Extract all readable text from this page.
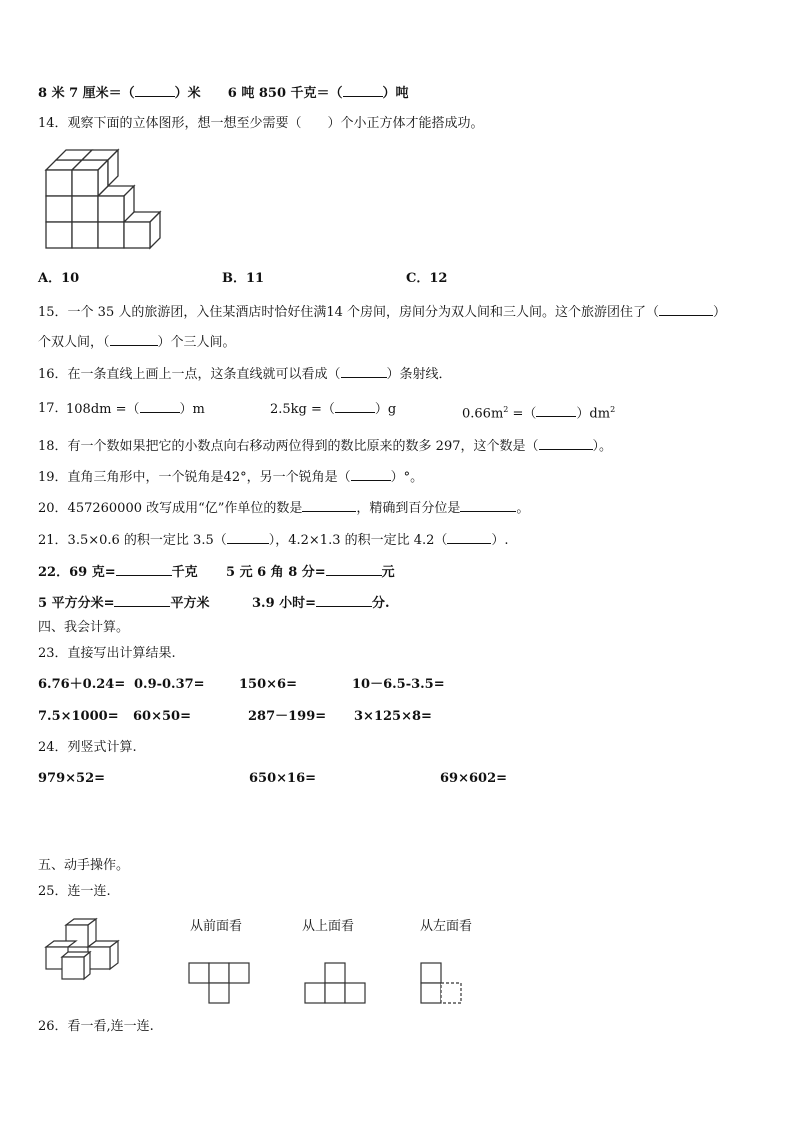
8 米 7 厘米＝（	）米 6 吨 850 千克＝（	）吨
14．观察下面的立体图形，想一想至少需要（　　）个小正方体才能搭成功。
A．10	B．11	C．12
15．一个 35 人的旅游团，入住某酒店时恰好住满14 个房间，房间分为双人间和三人间。这个旅游团住了（	）
个双人间，（	）个三人间。
16．在一条直线上画上一点，这条直线就可以看成（	）条射线．
17．
108dm =（	）m	2.5kg =（	）g	$0.66m^2$ =（	）$dm^2$
18．有一个数如果把它的小数点向右移动两位得到的数比原来的数多 297，这个数是（	）。
19．直角三角形中，一个锐角是42°，另一个锐角是（	）°。
20．457260000 改写成用“亿”作单位的数是	，精确到百分位是	。
21．3.5×0.6 的积一定比 3.5（	），4.2×1.3 的积一定比 4.2（	）.
22．69 克=	千克 5 元 6 角 8 分=	元
5 平方分米=	平方米	3.9 小时=	分.
四、我会计算。
23．直接写出计算结果.
6.76＋0.24= 0.9-0.37=	150×6=	10－6.5-3.5=
7.5×1000= 60×50=	287－199= 3×125×8=
24．列竖式计算.
979×52=	650×16=	69×602=
五、动手操作。
25．连一连.
从前面看	从上面看	从左面看
26．看一看,连一连.
